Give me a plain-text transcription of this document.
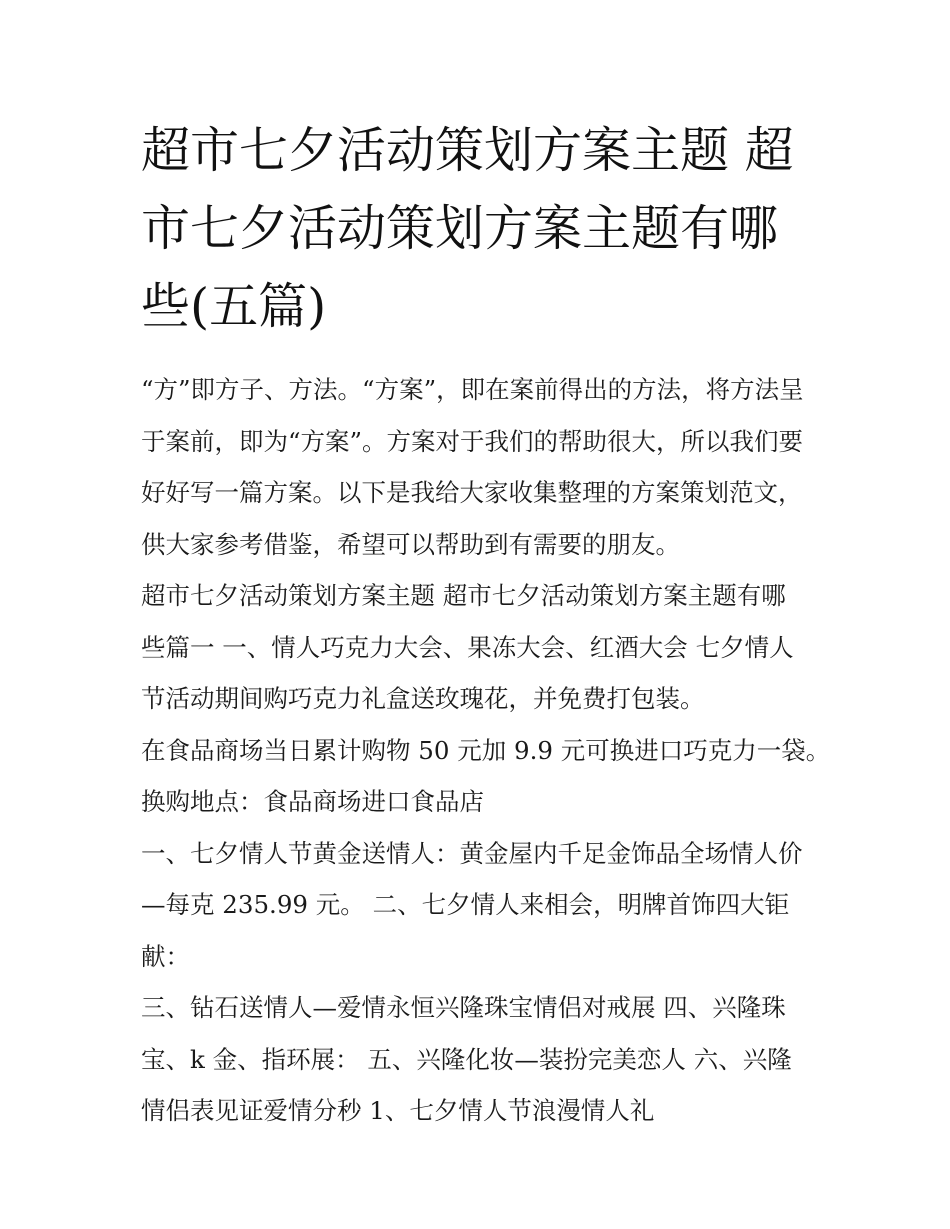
超市七夕活动策划方案主题 超
市七夕活动策划方案主题有哪
些(五篇)

“方”即方子、方法。“方案”，即在案前得出的方法，将方法呈
于案前，即为“方案”。方案对于我们的帮助很大，所以我们要
好好写一篇方案。以下是我给大家收集整理的方案策划范文，
供大家参考借鉴，希望可以帮助到有需要的朋友。

超市七夕活动策划方案主题 超市七夕活动策划方案主题有哪
些篇一 一、情人巧克力大会、果冻大会、红酒大会 七夕情人
节活动期间购巧克力礼盒送玫瑰花，并免费打包装。

在食品商场当日累计购物 50 元加 9.9 元可换进口巧克力一袋。

换购地点：食品商场进口食品店

一、七夕情人节黄金送情人：黄金屋内千足金饰品全场情人价
—每克 235.99 元。 二、七夕情人来相会，明牌首饰四大钜
献：

三、钻石送情人—爱情永恒兴隆珠宝情侣对戒展 四、兴隆珠
宝、k 金、指环展： 五、兴隆化妆—装扮完美恋人 六、兴隆
情侣表见证爱情分秒 1、七夕情人节浪漫情人礼
